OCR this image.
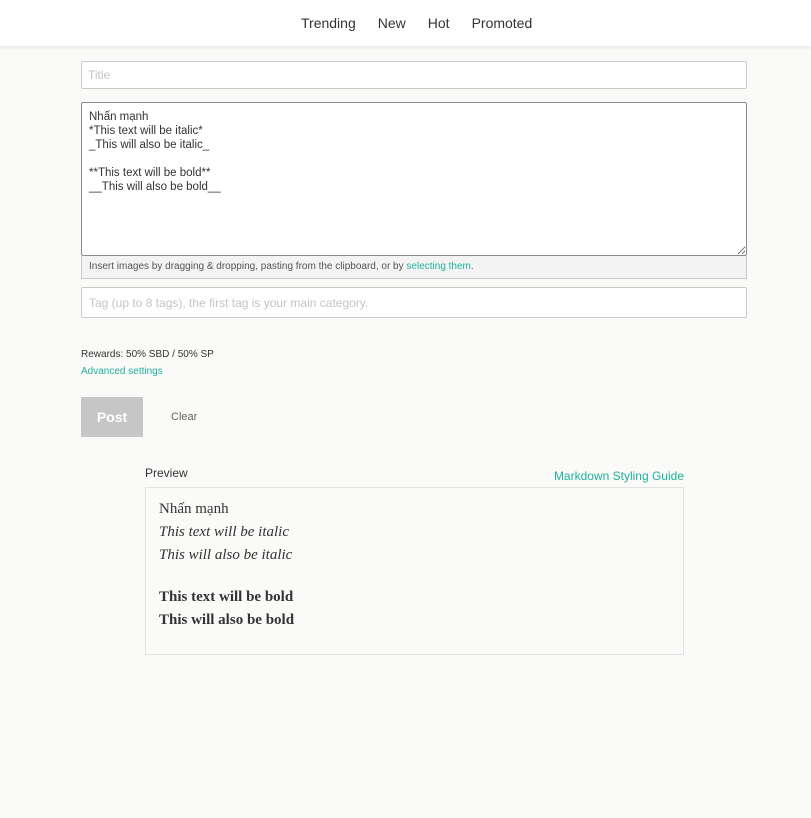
Trending	New	Hot	Promoted
Title
Nhấn mạnh *This text will be italic* _This will also be italic_ **This text will be bold** __This will also be bold__
Insert images by dragging & dropping, pasting from the clipboard, or by selecting them.
Tag (up to 8 tags), the first tag is your main category.
Rewards: 50% SBD / 50% SP
Advanced settings
Post	Clear
Preview	Markdown Styling Guide

Nhấn mạnh

This text will be italic

This will also be italic

This text will be bold

This will also be bold
